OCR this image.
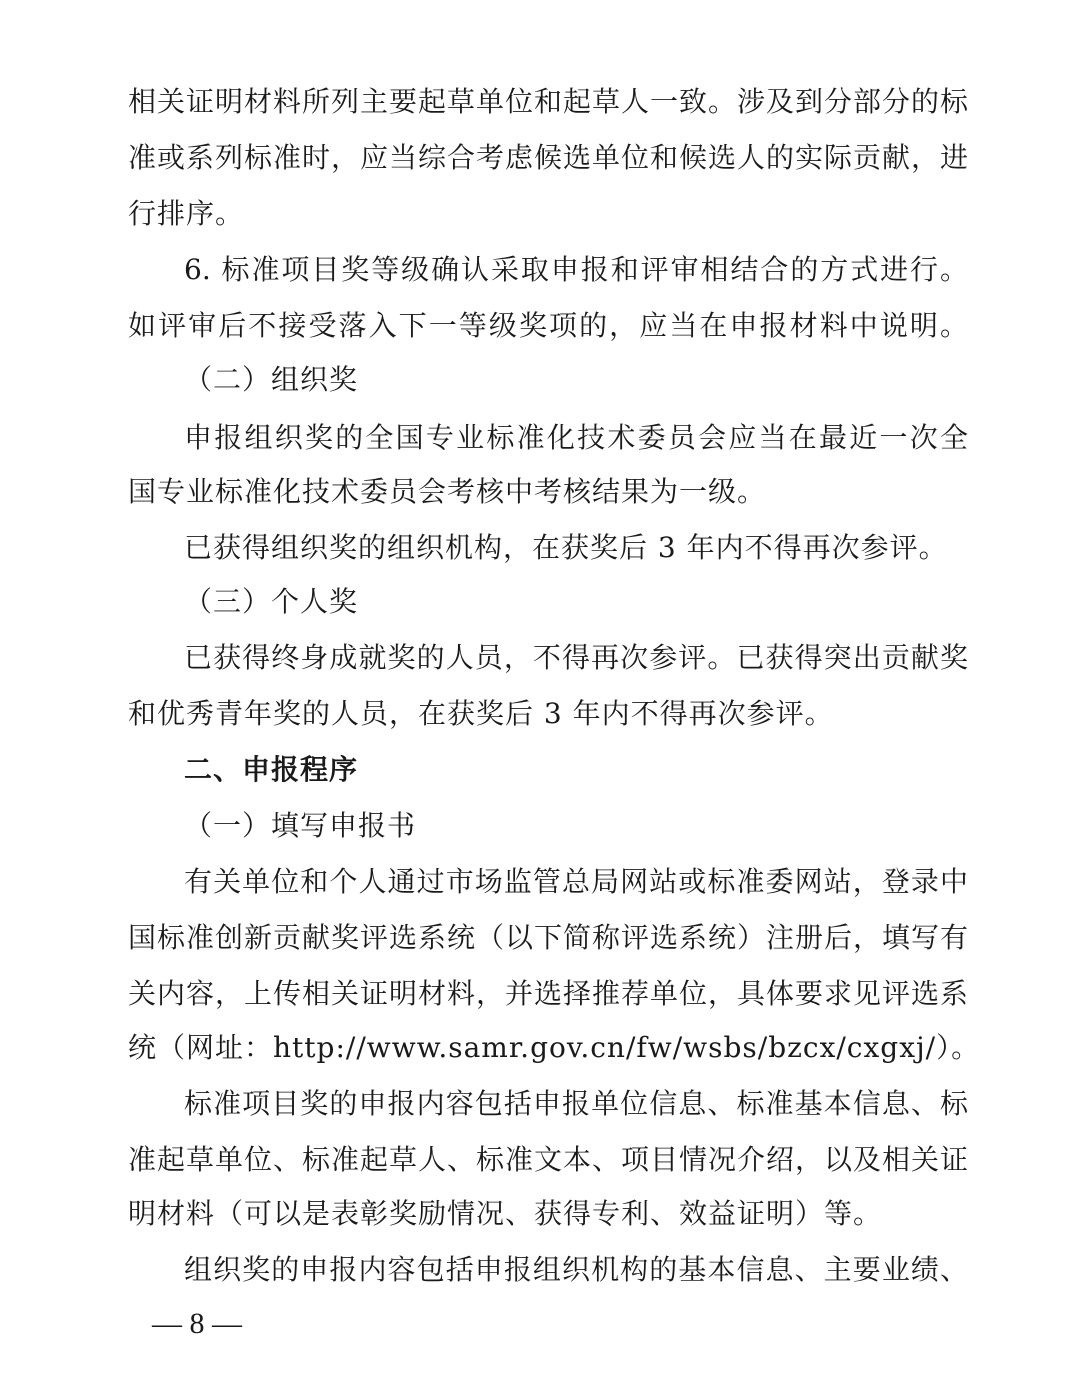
相关证明材料所列主要起草单位和起草人一致。涉及到分部分的标

准或系列标准时，应当综合考虑候选单位和候选人的实际贡献，进

行排序。

6. 标准项目奖等级确认采取申报和评审相结合的方式进行。

如评审后不接受落入下一等级奖项的，应当在申报材料中说明。

（二）组织奖

申报组织奖的全国专业标准化技术委员会应当在最近一次全

国专业标准化技术委员会考核中考核结果为一级。

已获得组织奖的组织机构，在获奖后 3 年内不得再次参评。

（三）个人奖

已获得终身成就奖的人员，不得再次参评。已获得突出贡献奖

和优秀青年奖的人员，在获奖后 3 年内不得再次参评。

二、申报程序

（一）填写申报书

有关单位和个人通过市场监管总局网站或标准委网站，登录中

国标准创新贡献奖评选系统（以下简称评选系统）注册后，填写有

关内容，上传相关证明材料，并选择推荐单位，具体要求见评选系

统（网址：http://www.samr.gov.cn/fw/wsbs/bzcx/cxgxj/）。

标准项目奖的申报内容包括申报单位信息、标准基本信息、标

准起草单位、标准起草人、标准文本、项目情况介绍，以及相关证

明材料（可以是表彰奖励情况、获得专利、效益证明）等。

组织奖的申报内容包括申报组织机构的基本信息、主要业绩、

— 8 —
